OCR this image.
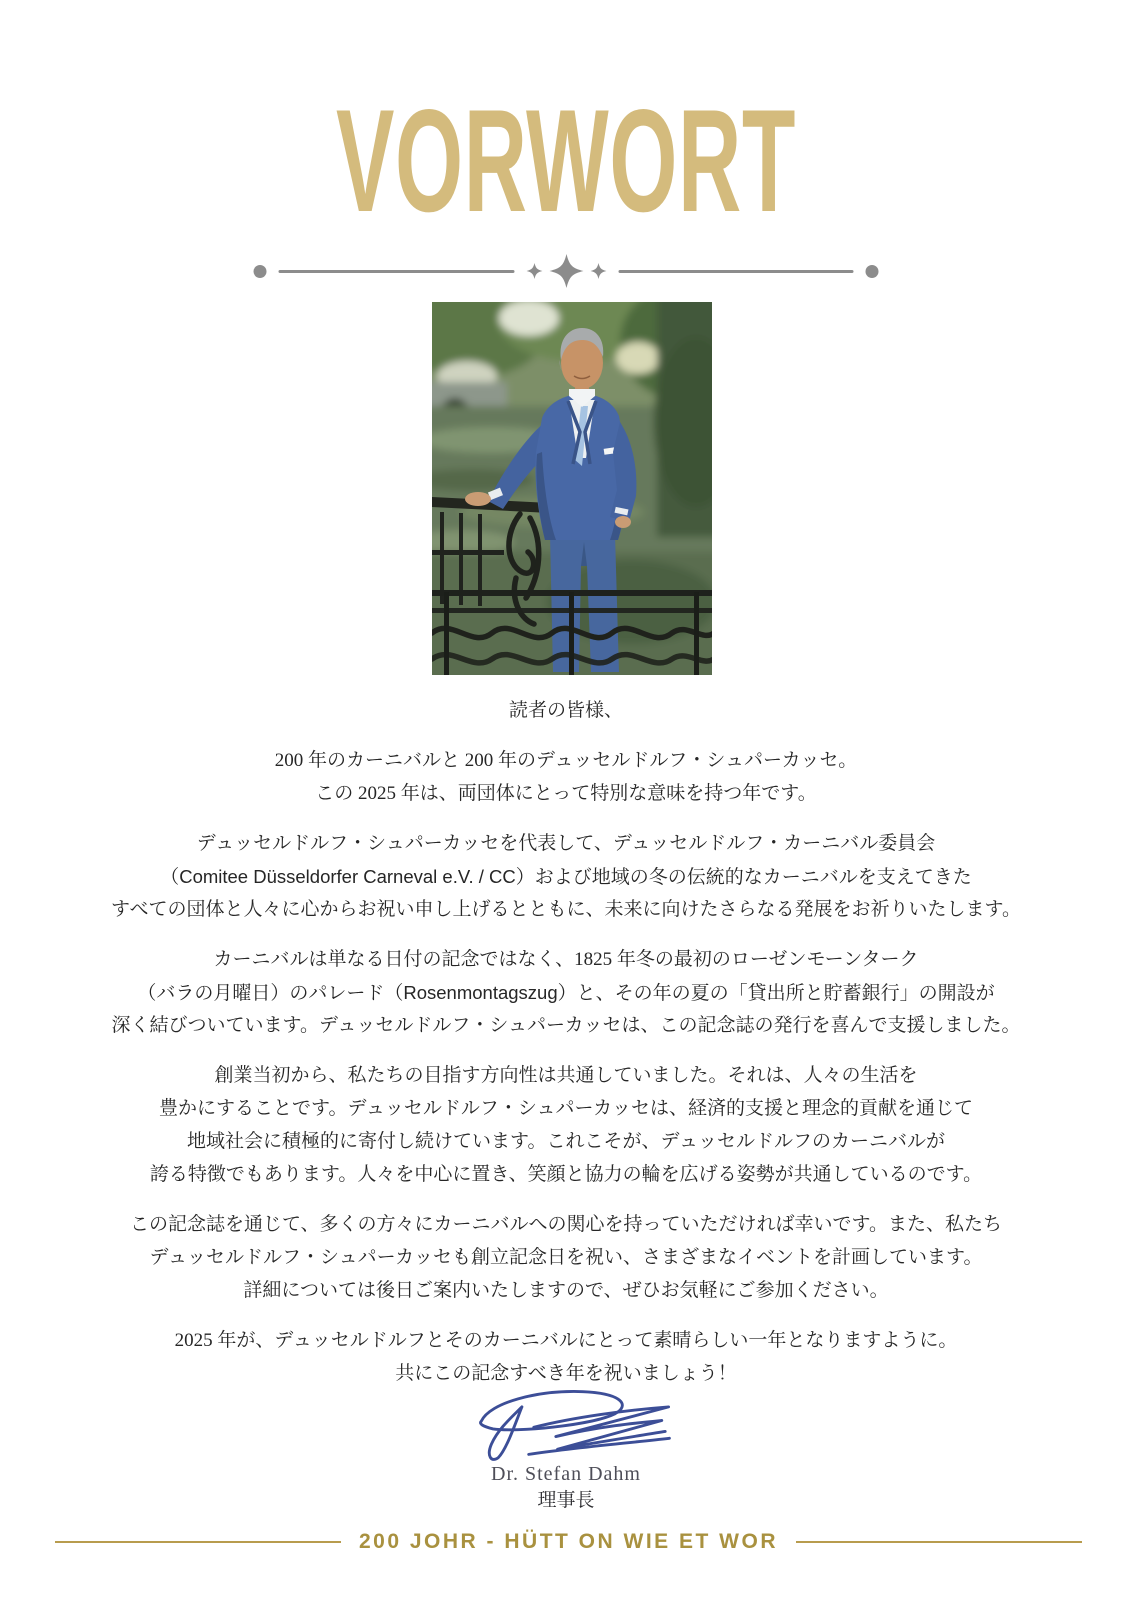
VORWORT
読者の皆様、
200 年のカーニバルと 200 年のデュッセルドルフ・シュパーカッセ。
この 2025 年は、両団体にとって特別な意味を持つ年です。
デュッセルドルフ・シュパーカッセを代表して、デュッセルドルフ・カーニバル委員会
（Comitee Düsseldorfer Carneval e.V. / CC）および地域の冬の伝統的なカーニバルを支えてきた
すべての団体と人々に心からお祝い申し上げるとともに、未来に向けたさらなる発展をお祈りいたします。
カーニバルは単なる日付の記念ではなく、1825 年冬の最初のローゼンモーンターク
（バラの月曜日）のパレード（Rosenmontagszug）と、その年の夏の「貸出所と貯蓄銀行」の開設が
深く結びついています。デュッセルドルフ・シュパーカッセは、この記念誌の発行を喜んで支援しました。
創業当初から、私たちの目指す方向性は共通していました。それは、人々の生活を
豊かにすることです。デュッセルドルフ・シュパーカッセは、経済的支援と理念的貢献を通じて
地域社会に積極的に寄付し続けています。これこそが、デュッセルドルフのカーニバルが
誇る特徴でもあります。人々を中心に置き、笑顔と協力の輪を広げる姿勢が共通しているのです。
この記念誌を通じて、多くの方々にカーニバルへの関心を持っていただければ幸いです。また、私たち
デュッセルドルフ・シュパーカッセも創立記念日を祝い、さまざまなイベントを計画しています。
詳細については後日ご案内いたしますので、ぜひお気軽にご参加ください。
2025 年が、デュッセルドルフとそのカーニバルにとって素晴らしい一年となりますように。
共にこの記念すべき年を祝いましょう！
Dr. Stefan Dahm
理事長
200 JOHR - HÜTT ON WIE ET WOR
